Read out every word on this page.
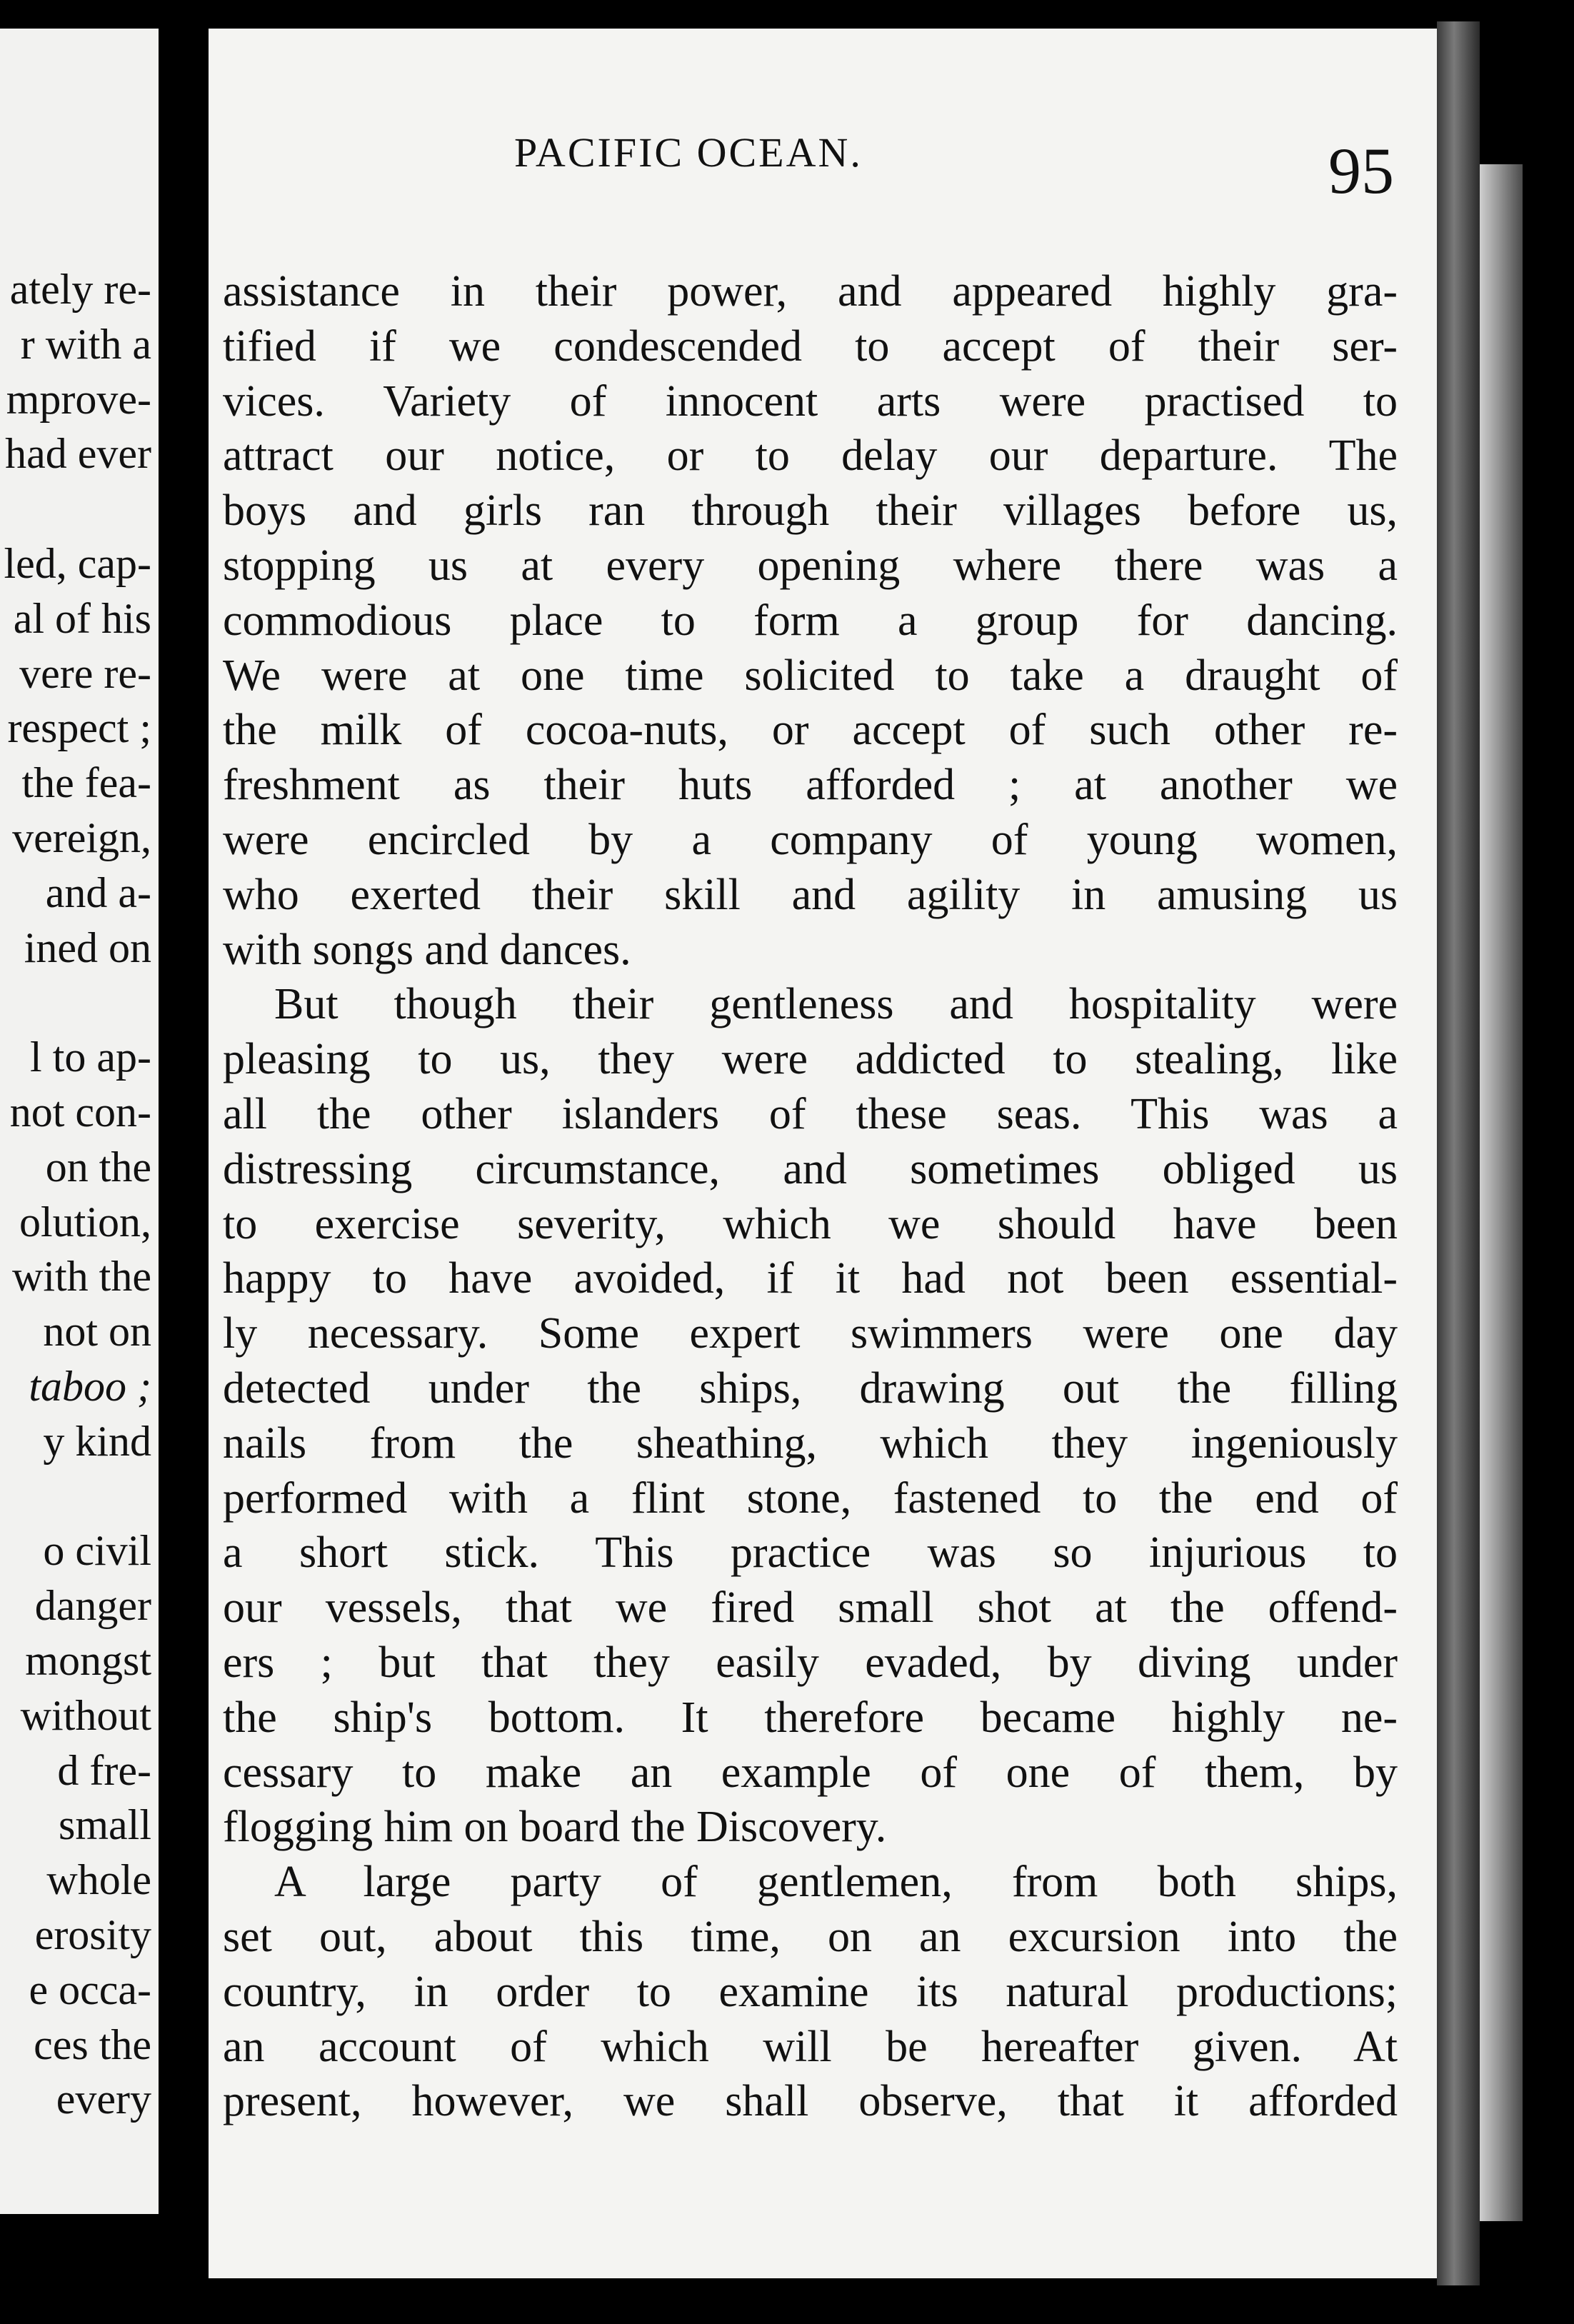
ately re-
r with a
mprove-
had ever
led, cap-
al of his
vere re-
respect ;
the fea-
vereign,
and a-
ined on
l to ap-
not con-
on the
olution,
with the
not on
taboo ;
y kind
o civil
danger
mongst
without
d fre-
small
whole
erosity
e occa-
ces the
every
PACIFIC OCEAN.	95
assistance in their power, and appeared highly gra-
tified if we condescended to accept of their ser-
vices. Variety of innocent arts were practised to
attract our notice, or to delay our departure. The
boys and girls ran through their villages before us,
stopping us at every opening where there was a
commodious place to form a group for dancing.
We were at one time solicited to take a draught of
the milk of cocoa-nuts, or accept of such other re-
freshment as their huts afforded ; at another we
were encircled by a company of young women,
who exerted their skill and agility in amusing us
with songs and dances.
But though their gentleness and hospitality were
pleasing to us, they were addicted to stealing, like
all the other islanders of these seas. This was a
distressing circumstance, and sometimes obliged us
to exercise severity, which we should have been
happy to have avoided, if it had not been essential-
ly necessary. Some expert swimmers were one day
detected under the ships, drawing out the filling
nails from the sheathing, which they ingeniously
performed with a flint stone, fastened to the end of
a short stick. This practice was so injurious to
our vessels, that we fired small shot at the offend-
ers ; but that they easily evaded, by diving under
the ship's bottom. It therefore became highly ne-
cessary to make an example of one of them, by
flogging him on board the Discovery.
A large party of gentlemen, from both ships,
set out, about this time, on an excursion into the
country, in order to examine its natural productions;
an account of which will be hereafter given. At
present, however, we shall observe, that it afforded
